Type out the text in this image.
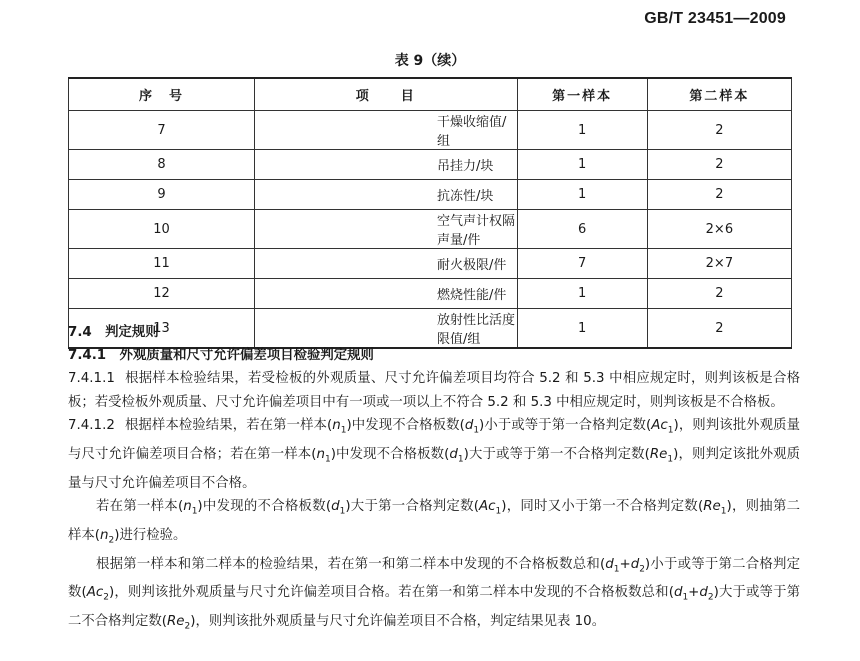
GB/T 23451—2009
表 9（续）
序　号	项　　目	第一样本	第二样本
7	干燥收缩值/组	1	2
8	吊挂力/块	1	2
9	抗冻性/块	1	2
10	空气声计权隔声量/件	6	2×6
11	耐火极限/件	7	2×7
12	燃烧性能/件	1	2
13	放射性比活度限值/组	1	2

7.4　 判定规则

7.4.1　 外观质量和尺寸允许偏差项目检验判定规则

7.4.1.1 根据样本检验结果，若受检板的外观质量、尺寸允许偏差项目均符合 5.2 和 5.3 中相应规定时，则判该板是合格板；若受检板外观质量、尺寸允许偏差项目中有一项或一项以上不符合 5.2 和 5.3 中相应规定时，则判该板是不合格板。

7.4.1.2 根据样本检验结果，若在第一样本$(n_1)$中发现不合格板数$(d_1)$小于或等于第一合格判定数$(Ac_1)$，则判该批外观质量与尺寸允许偏差项目合格；若在第一样本$(n_1)$中发现不合格板数$(d_1)$大于或等于第一不合格判定数$(Re_1)$，则判定该批外观质量与尺寸允许偏差项目不合格。

若在第一样本$(n_1)$中发现的不合格板数$(d_1)$大于第一合格判定数$(Ac_1)$，同时又小于第一不合格判定数$(Re_1)$，则抽第二样本$(n_2)$进行检验。

根据第一样本和第二样本的检验结果，若在第一和第二样本中发现的不合格板数总和$(d_1+d_2)$小于或等于第二合格判定数$(Ac_2)$，则判该批外观质量与尺寸允许偏差项目合格。若在第一和第二样本中发现的不合格板数总和$(d_1+d_2)$大于或等于第二不合格判定数$(Re_2)$，则判该批外观质量与尺寸允许偏差项目不合格，判定结果见表 10。
